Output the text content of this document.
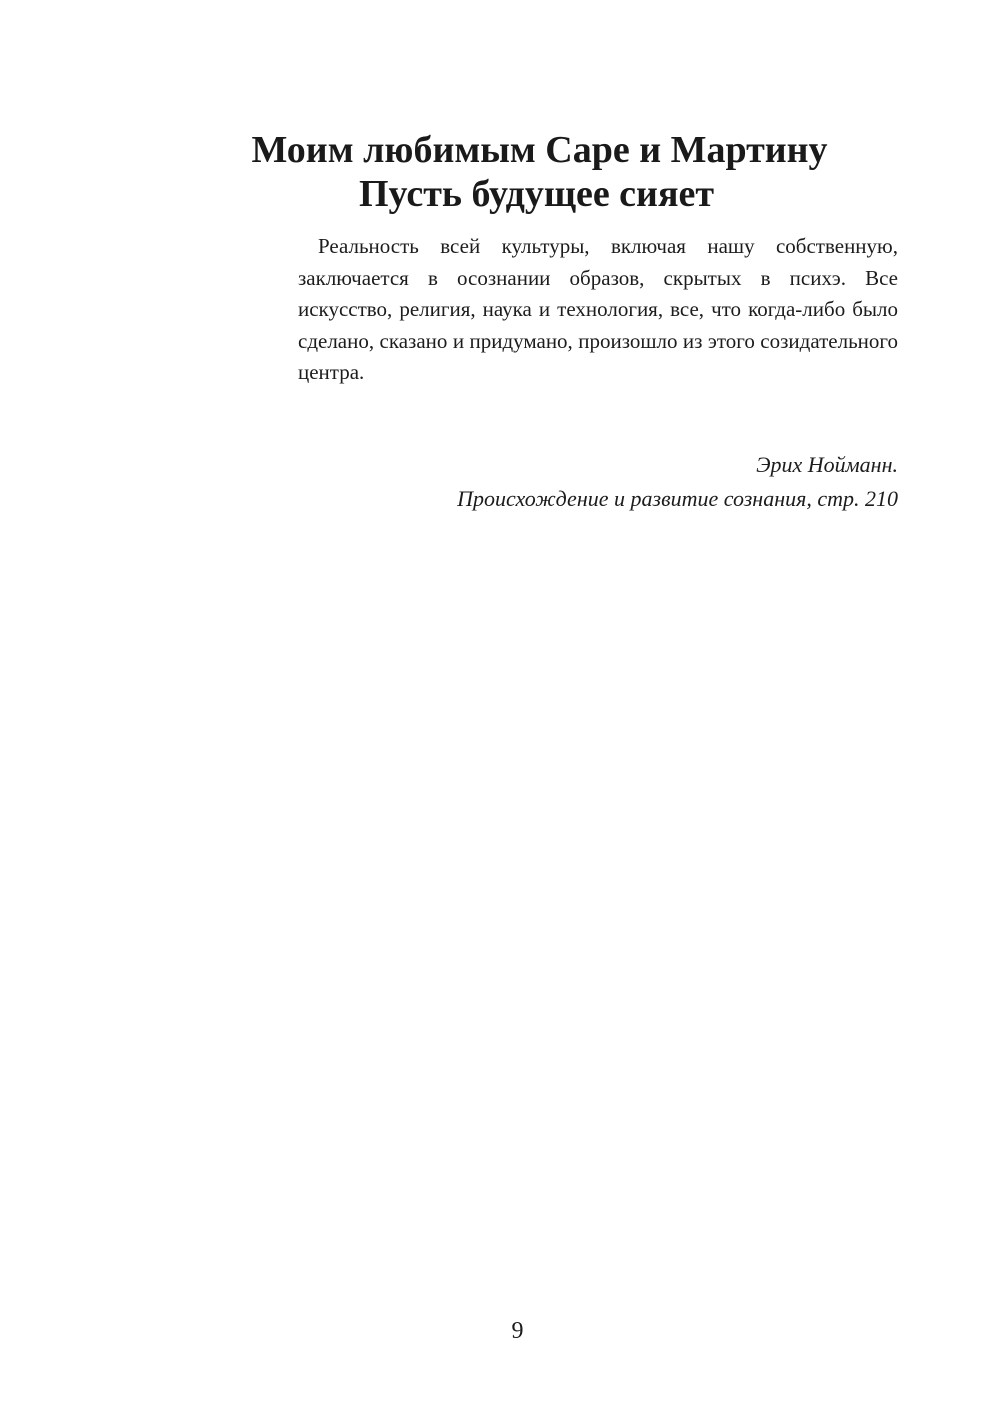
Моим любимым Саре и Мартину
Пусть будущее сияет

Реальность всей культуры, включая нашу собственную, заключается в осознании образов, скрытых в психэ. Все искусство, религия, наука и технология, все, что когда-либо было сделано, сказано и придумано, произошло из этого созидательного центра.

Эрих Нойманн.
Происхождение и развитие сознания, стр. 210
9
